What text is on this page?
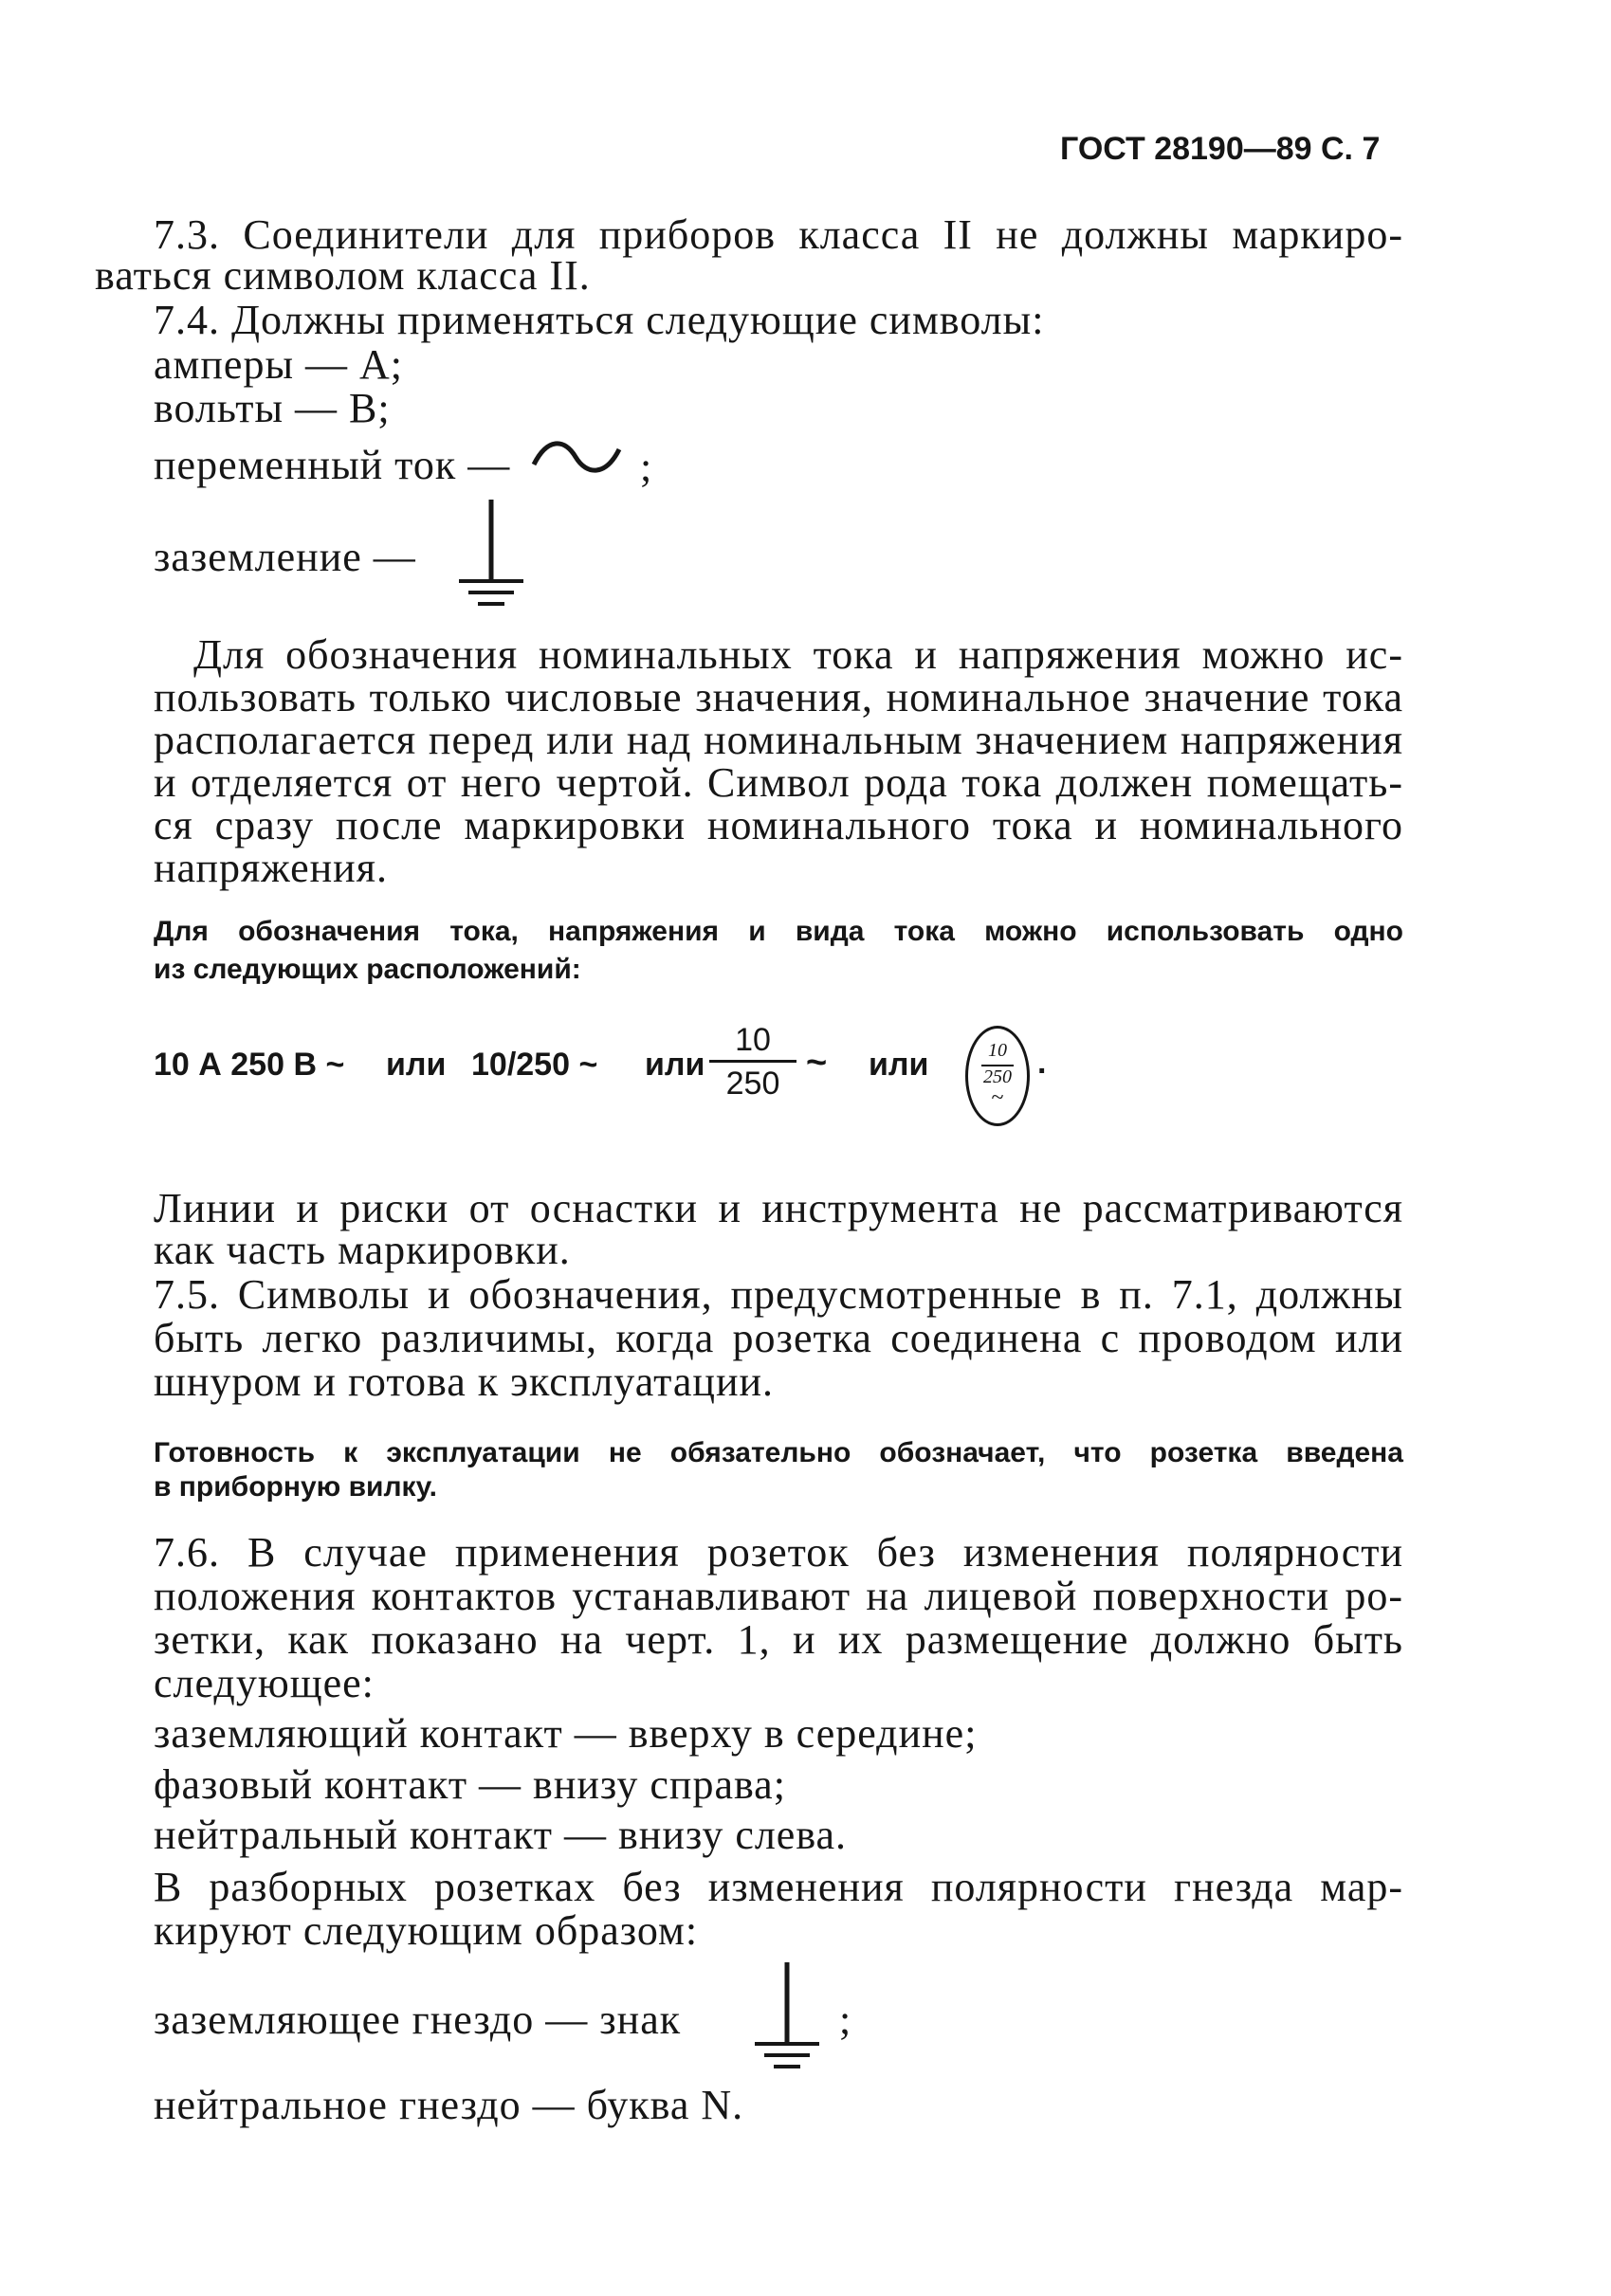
ГОСТ 28190—89 С. 7
7.3. Соединители для приборов класса II не должны маркиро-
ваться символом класса II.
7.4. Должны применяться следующие символы:
амперы — А;
вольты — В;
переменный ток —	;
заземление —
Для обозначения номинальных тока и напряжения можно ис-
пользовать только числовые значения, номинальное значение тока
располагается перед или над номинальным значением напряжения
и отделяется от него чертой. Символ рода тока должен помещать-
ся сразу после маркировки номинального тока и номинального
напряжения.
Для обозначения тока, напряжения и вида тока можно использовать одно
из следующих расположений:
10 А 250 В ~ или 10/250 ~ или
10
250
~ или	10
250
~
.
Линии и риски от оснастки и инструмента не рассматриваются
как часть маркировки.
7.5. Символы и обозначения, предусмотренные в п. 7.1, должны
быть легко различимы, когда розетка соединена с проводом или
шнуром и готова к эксплуатации.
Готовность к эксплуатации не обязательно обозначает, что розетка введена
в приборную вилку.
7.6. В случае применения розеток без изменения полярности
положения контактов устанавливают на лицевой поверхности ро-
зетки, как показано на черт. 1, и их размещение должно быть
следующее:
заземляющий контакт — вверху в середине;
фазовый контакт — внизу справа;
нейтральный контакт — внизу слева.
В разборных розетках без изменения полярности гнезда мар-
кируют следующим образом:
заземляющее гнездо — знак	;
нейтральное гнездо — буква N.
